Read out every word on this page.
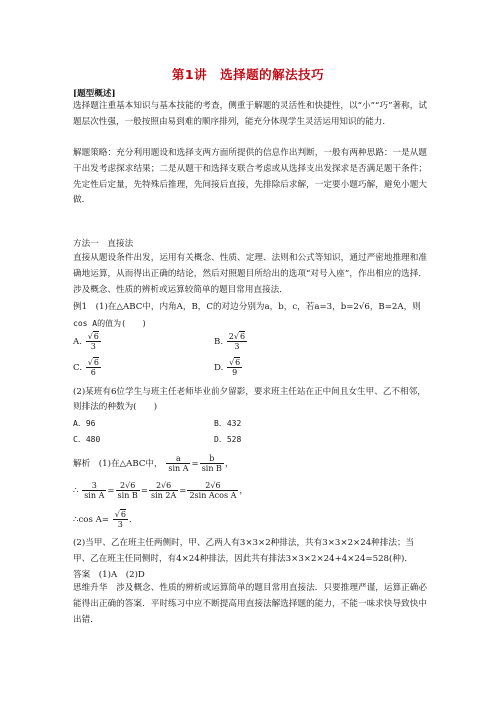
第1讲　选择题的解法技巧
[题型概述]
选择题注重基本知识与基本技能的考查，侧重于解题的灵活性和快捷性，以“小”“巧”著称，试题层次性强，一般按照由易到难的顺序排列，能充分体现学生灵活运用知识的能力．
解题策略：充分利用题设和选择支两方面所提供的信息作出判断，一般有两种思路：一是从题干出发考虑探求结果；二是从题干和选择支联合考虑或从选择支出发探求是否满足题干条件；先定性后定量，先特殊后推理，先间接后直接，先排除后求解，一定要小题巧解，避免小题大做．
方法一　直接法
直接从题设条件出发，运用有关概念、性质、定理、法则和公式等知识，通过严密地推理和准确地运算，从而得出正确的结论，然后对照题目所给出的选项“对号入座”，作出相应的选择．涉及概念、性质的辨析或运算较简单的题目常用直接法．
例1　(1)在△ABC中，内角A，B，C的对边分别为a，b，c，若a=3，b=2√6，B=2A，则
cos A的值为(　　)
A. $\frac{√6}{3}$	B. $\frac{2√6}{3}$
C. $\frac{√6}{6}$	D. $\frac{√6}{9}$
(2)某班有6位学生与班主任老师毕业前夕留影，要求班主任站在正中间且女生甲、乙不相邻，
则排法的种数为(　　)
A．96	B．432
C．480	D．528
解析　(1)在△ABC中， $\frac{a}{\text{sin A}} = \frac{b}{\text{sin B}}$ ，
∴ $\frac{3}{\text{sin A}} = \frac{2√6}{\text{sin B}} = \frac{2√6}{\sin 2A} = \frac{2√6}{\text{2sin Acos A}}$ ，
∴cos $A= \frac{√6}{3}$ ．
(2)当甲、乙在班主任两侧时，甲、乙两人有3×3×2种排法，共有3×3×2×24种排法；当
甲、乙在班主任同侧时，有4×24种排法，因此共有排法3×3×2×24+4×24=528(种)．
答案　(1)A　(2)D
思维升华　涉及概念、性质的辨析或运算简单的题目常用直接法．只要推理严谨，运算正确必能得出正确的答案．平时练习中应不断提高用直接法解选择题的能力，不能一味求快导致快中出错．
